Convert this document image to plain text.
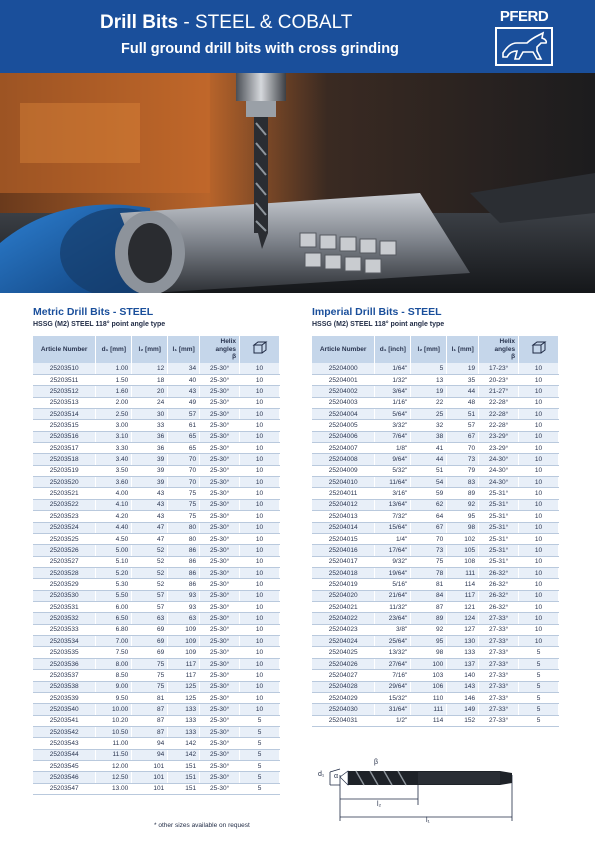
Drill Bits - STEEL & COBALT
Full ground drill bits with cross grinding
PFERD
Metric Drill Bits - STEEL
HSSG (M2) STEEL 118° point angle type
Imperial Drill Bits - STEEL
HSSG (M2) STEEL 118° point angle type
Article Number	d₁ [mm]	l₂ [mm]	l₁ [mm]	Helix
angles
β

25203510	1.00	12	34	25-30°	10
25203511	1.50	18	40	25-30°	10
25203512	1.60	20	43	25-30°	10
25203513	2.00	24	49	25-30°	10
25203514	2.50	30	57	25-30°	10
25203515	3.00	33	61	25-30°	10
25203516	3.10	36	65	25-30°	10
25203517	3.30	36	65	25-30°	10
25203518	3.40	39	70	25-30°	10
25203519	3.50	39	70	25-30°	10
25203520	3.60	39	70	25-30°	10
25203521	4.00	43	75	25-30°	10
25203522	4.10	43	75	25-30°	10
25203523	4.20	43	75	25-30°	10
25203524	4.40	47	80	25-30°	10
25203525	4.50	47	80	25-30°	10
25203526	5.00	52	86	25-30°	10
25203527	5.10	52	86	25-30°	10
25203528	5.20	52	86	25-30°	10
25203529	5.30	52	86	25-30°	10
25203530	5.50	57	93	25-30°	10
25203531	6.00	57	93	25-30°	10
25203532	6.50	63	63	25-30°	10
25203533	6.80	69	109	25-30°	10
25203534	7.00	69	109	25-30°	10
25203535	7.50	69	109	25-30°	10
25203536	8.00	75	117	25-30°	10
25203537	8.50	75	117	25-30°	10
25203538	9.00	75	125	25-30°	10
25203539	9.50	81	125	25-30°	10
25203540	10.00	87	133	25-30°	10
25203541	10.20	87	133	25-30°	5
25203542	10.50	87	133	25-30°	5
25203543	11.00	94	142	25-30°	5
25203544	11.50	94	142	25-30°	5
25203545	12.00	101	151	25-30°	5
25203546	12.50	101	151	25-30°	5
25203547	13.00	101	151	25-30°	5
Article Number	d₁ [inch]	l₂ [mm]	l₁ [mm]	Helix
angles
β

25204000	1/64"	5	19	17-23°	10
25204001	1/32"	13	35	20-23°	10
25204002	3/64"	19	44	21-27°	10
25204003	1/16"	22	48	22-28°	10
25204004	5/64"	25	51	22-28°	10
25204005	3/32"	32	57	22-28°	10
25204006	7/64"	38	67	23-29°	10
25204007	1/8"	41	70	23-29°	10
25204008	9/64"	44	73	24-30°	10
25204009	5/32"	51	79	24-30°	10
25204010	11/64"	54	83	24-30°	10
25204011	3/16"	59	89	25-31°	10
25204012	13/64"	62	92	25-31°	10
25204013	7/32"	64	95	25-31°	10
25204014	15/64"	67	98	25-31°	10
25204015	1/4"	70	102	25-31°	10
25204016	17/64"	73	105	25-31°	10
25204017	9/32"	75	108	25-31°	10
25204018	19/64"	78	111	26-32°	10
25204019	5/16"	81	114	26-32°	10
25204020	21/64"	84	117	26-32°	10
25204021	11/32"	87	121	26-32°	10
25204022	23/64"	89	124	27-33°	10
25204023	3/8"	92	127	27-33°	10
25204024	25/64"	95	130	27-33°	10
25204025	13/32"	98	133	27-33°	5
25204026	27/64"	100	137	27-33°	5
25204027	7/16"	103	140	27-33°	5
25204028	29/64"	106	143	27-33°	5
25204029	15/32"	110	146	27-33°	5
25204030	31/64"	111	149	27-33°	5
25204031	1/2"	114	152	27-33°	5
d₁ α
β
l₂
l₁
* other sizes available on request
